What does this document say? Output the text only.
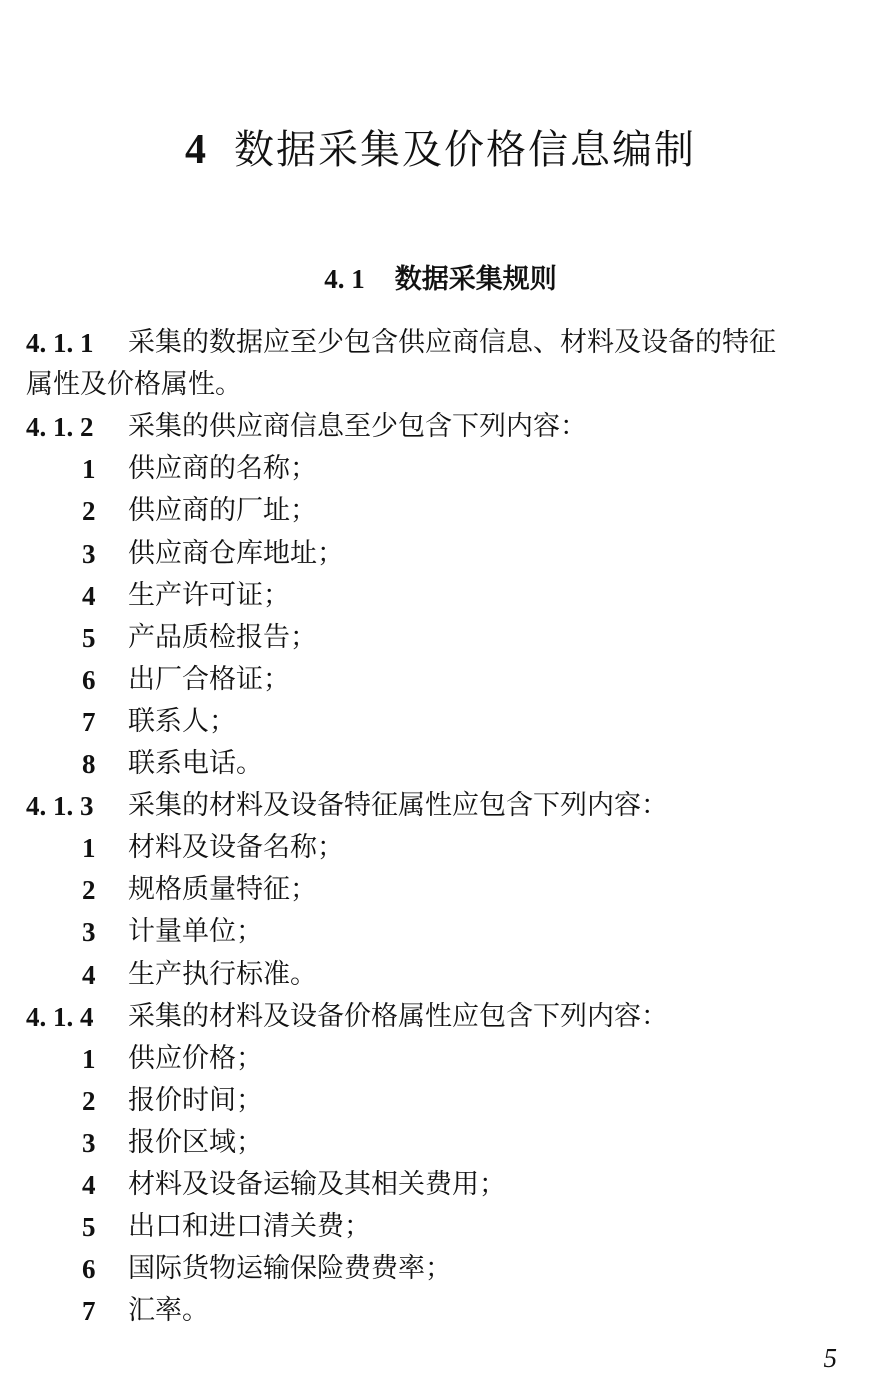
4 数据采集及价格信息编制
4. 1 数据采集规则
4. 1. 1 采集的数据应至少包含供应商信息、材料及设备的特征
属性及价格属性。
4. 1. 2 采集的供应商信息至少包含下列内容：
1 供应商的名称；
2 供应商的厂址；
3 供应商仓库地址；
4 生产许可证；
5 产品质检报告；
6 出厂合格证；
7 联系人；
8 联系电话。
4. 1. 3 采集的材料及设备特征属性应包含下列内容：
1 材料及设备名称；
2 规格质量特征；
3 计量单位；
4 生产执行标准。
4. 1. 4 采集的材料及设备价格属性应包含下列内容：
1 供应价格；
2 报价时间；
3 报价区域；
4 材料及设备运输及其相关费用；
5 出口和进口清关费；
6 国际货物运输保险费费率；
7 汇率。
5
